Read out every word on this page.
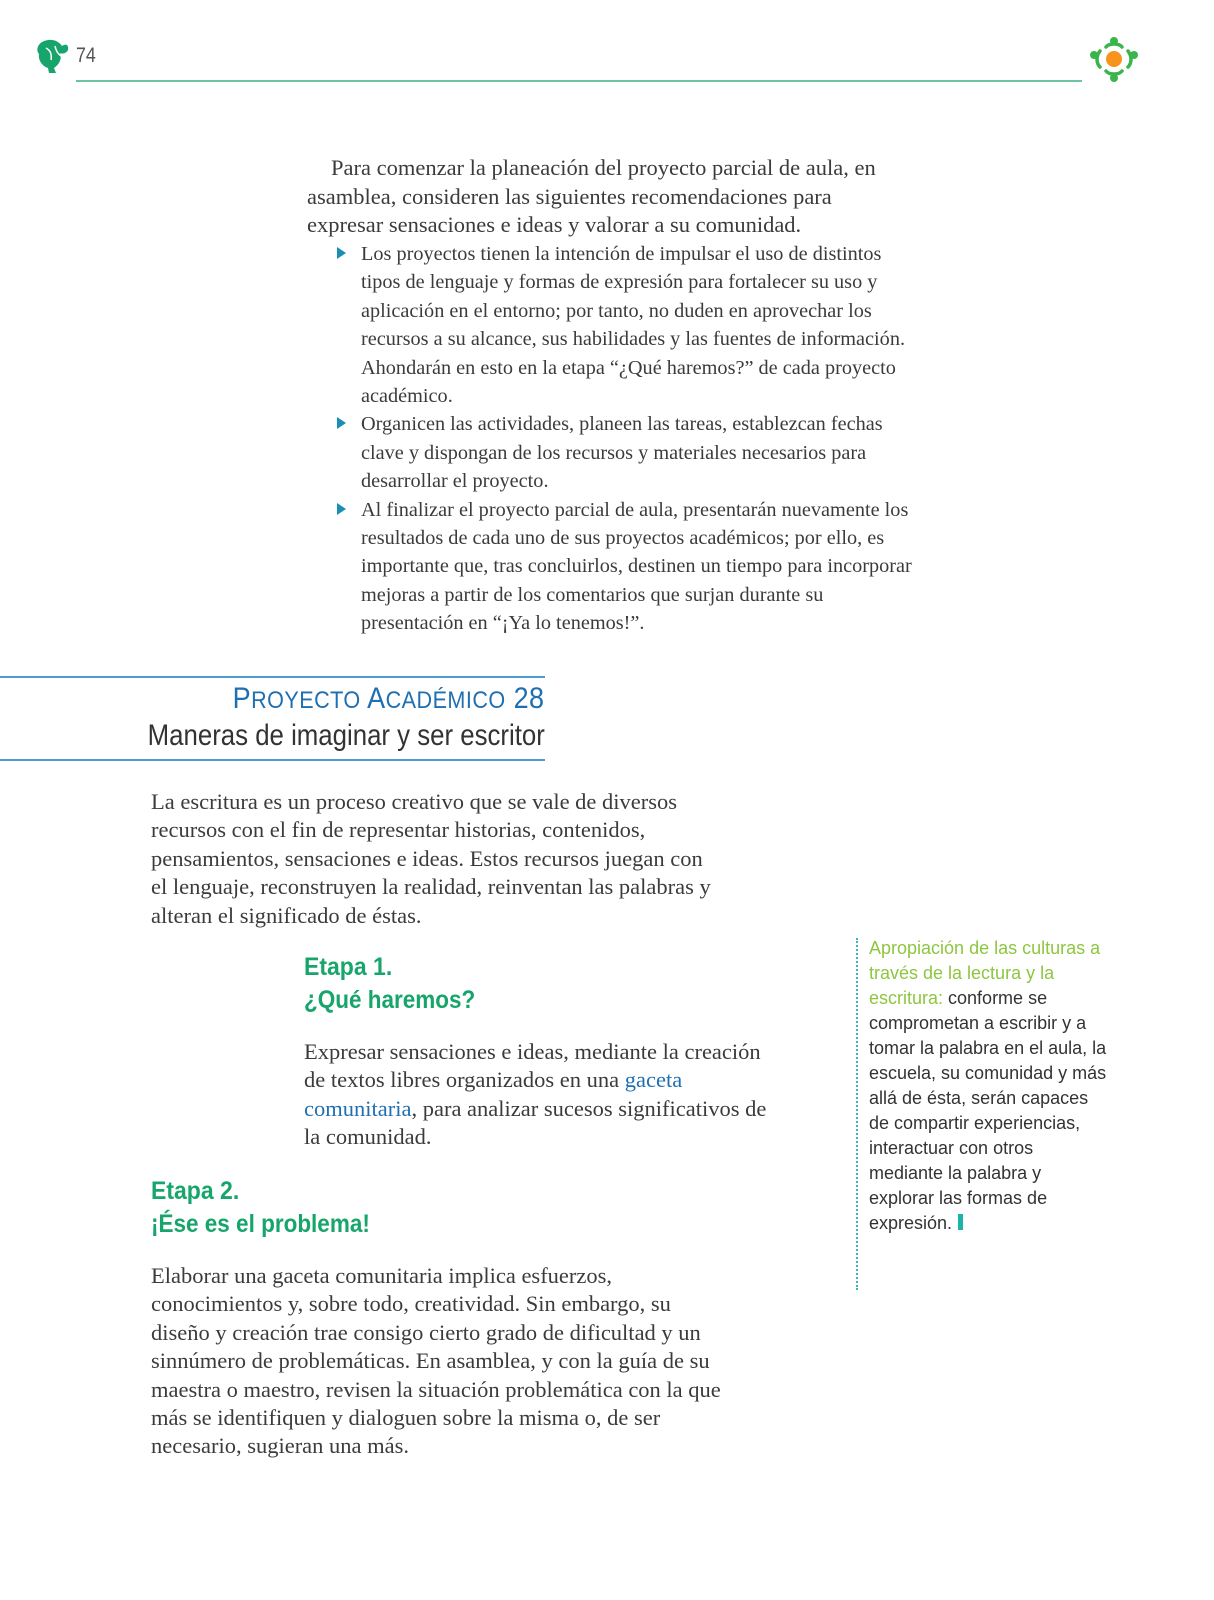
74

Para comenzar la planeación del proyecto parcial de aula, en asamblea, consideren las siguientes recomendaciones para expresar sensaciones e ideas y valorar a su comunidad.

Los proyectos tienen la intención de impulsar el uso de distintos tipos de lenguaje y formas de expresión para fortalecer su uso y aplicación en el entorno; por tanto, no duden en aprovechar los recursos a su alcance, sus habilidades y las fuentes de información. Ahondarán en esto en la etapa “¿Qué haremos?” de cada proyecto académico.
Organicen las actividades, planeen las tareas, establezcan fechas clave y dispongan de los recursos y materiales necesarios para desarrollar el proyecto.
Al finalizar el proyecto parcial de aula, presentarán nuevamente los resultados de cada uno de sus proyectos académicos; por ello, es importante que, tras concluirlos, destinen un tiempo para incorporar mejoras a partir de los comentarios que surjan durante su presentación en “¡Ya lo tenemos!”.
PROYECTO ACADÉMICO 28
Maneras de imaginar y ser escritor

La escritura es un proceso creativo que se vale de diversos recursos con el fin de representar historias, contenidos, pensamientos, sensaciones e ideas. Estos recursos juegan con el lenguaje, reconstruyen la realidad, reinventan las palabras y alteran el significado de éstas.

Etapa 1.
¿Qué haremos?

Expresar sensaciones e ideas, mediante la creación de textos libres organizados en una gaceta comunitaria, para analizar sucesos significativos de la comunidad.

Etapa 2.
¡Ése es el problema!

Elaborar una gaceta comunitaria implica esfuerzos, conocimientos y, sobre todo, creatividad. Sin embargo, su diseño y creación trae consigo cierto grado de dificultad y un sinnúmero de problemáticas. En asamblea, y con la guía de su maestra o maestro, revisen la situación problemática con la que más se identifiquen y dialoguen sobre la misma o, de ser necesario, sugieran una más.

Apropiación de las culturas a través de la lectura y la escritura: conforme se comprometan a escribir y a tomar la palabra en el aula, la escuela, su comunidad y más allá de ésta, serán capaces de compartir experiencias, interactuar con otros mediante la palabra y explorar las formas de expresión.
